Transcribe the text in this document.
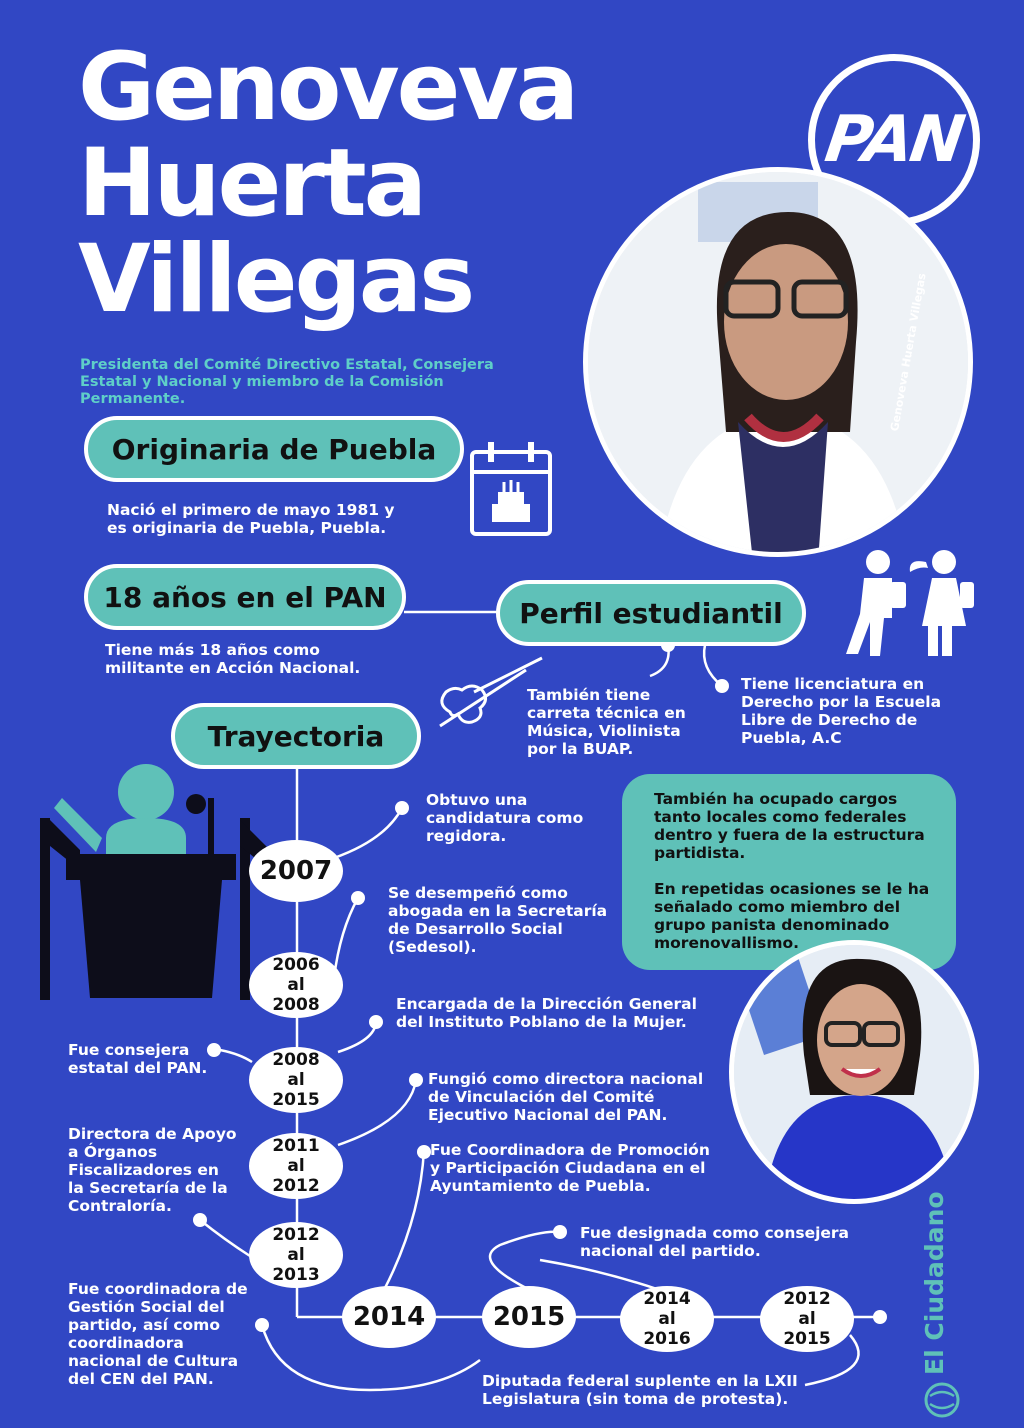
Genoveva
Huerta
Villegas
Presidenta del Comité Directivo Estatal, Consejera Estatal y Nacional y miembro de la Comisión Permanente.
PAN
Genoveva Huerta Villegas
Originaria de Puebla
Nació el primero de mayo 1981 y es originaria de Puebla, Puebla.
18 años en el PAN
Tiene más 18 años como militante en Acción Nacional.
Perfil estudiantil
También tiene carreta técnica en Música, Violinista por la BUAP.
Tiene licenciatura en Derecho por la Escuela Libre de Derecho de Puebla, A.C
Trayectoria

También ha ocupado cargos tanto locales como federales dentro y fuera de la estructura partidista.

En repetidas ocasiones se le ha señalado como miembro del grupo panista denominado morenovallismo.

2007
2006 al 2008
2008 al 2015
2011 al 2012
2012 al 2013
2014	2015
2014 al 2016
2012 al 2015
Obtuvo una candidatura como regidora.
Se desempeñó como abogada en la Secretaría de Desarrollo Social (Sedesol).
Encargada de la Dirección General del Instituto Poblano de la Mujer.
Fue consejera estatal del PAN.
Fungió como directora nacional de Vinculación del Comité Ejecutivo Nacional del PAN.
Directora de Apoyo a Órganos Fiscalizadores en la Secretaría de la Contraloría.
Fue Coordinadora de Promoción y Participación Ciudadana en el Ayuntamiento de Puebla.
Fue designada como consejera nacional del partido.
Fue coordinadora de Gestión Social del partido, así como coordinadora nacional de Cultura del CEN del PAN.	Diputada federal suplente en la LXII Legislatura (sin toma de protesta).
El Ciudadano
